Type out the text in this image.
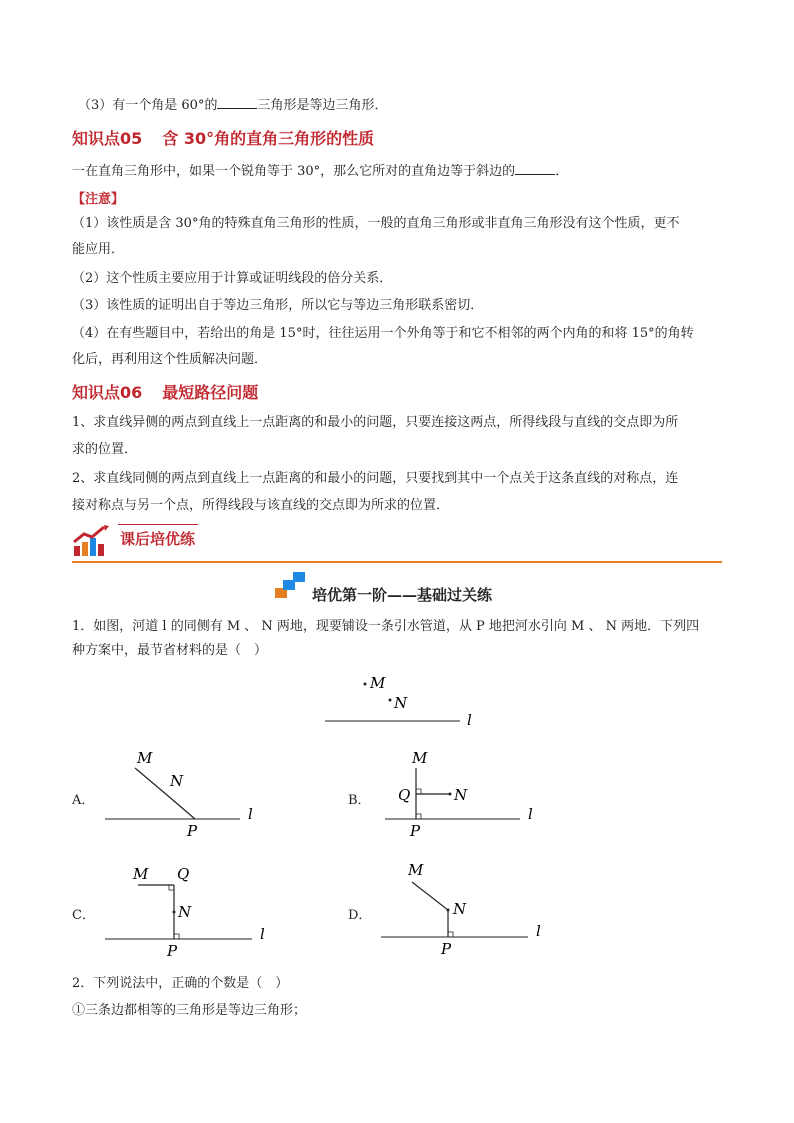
（3）有一个角是 60°的	三角形是等边三角形．
知识点05 含 30°角的直角三角形的性质
一在直角三角形中，如果一个锐角等于 30°，那么它所对的直角边等于斜边的	．
【注意】
（1）该性质是含 30°角的特殊直角三角形的性质，一般的直角三角形或非直角三角形没有这个性质，更不
能应用．
（2）这个性质主要应用于计算或证明线段的倍分关系．
（3）该性质的证明出自于等边三角形，所以它与等边三角形联系密切．
（4）在有些题目中，若给出的角是 15°时，往往运用一个外角等于和它不相邻的两个内角的和将 15°的角转
化后，再利用这个性质解决问题．
知识点06 最短路径问题
1、求直线异侧的两点到直线上一点距离的和最小的问题，只要连接这两点，所得线段与直线的交点即为所
求的位置．
2、求直线同侧的两点到直线上一点距离的和最小的问题，只要找到其中一个点关于这条直线的对称点，连
接对称点与另一个点，所得线段与该直线的交点即为所求的位置．
课后培优练
培优第一阶——基础过关练
1．如图，河道 l 的同侧有 M 、 N 两地，现要铺设一条引水管道，从 P 地把河水引向 M 、 N 两地．下列四
种方案中，最节省材料的是（　）
M
N
l
A．
M
N
l
P
B．
M
Q	N
l
P
C．
M Q
N
l
P
D．
M
N
l
P
2．下列说法中，正确的个数是（　）
①三条边都相等的三角形是等边三角形；
